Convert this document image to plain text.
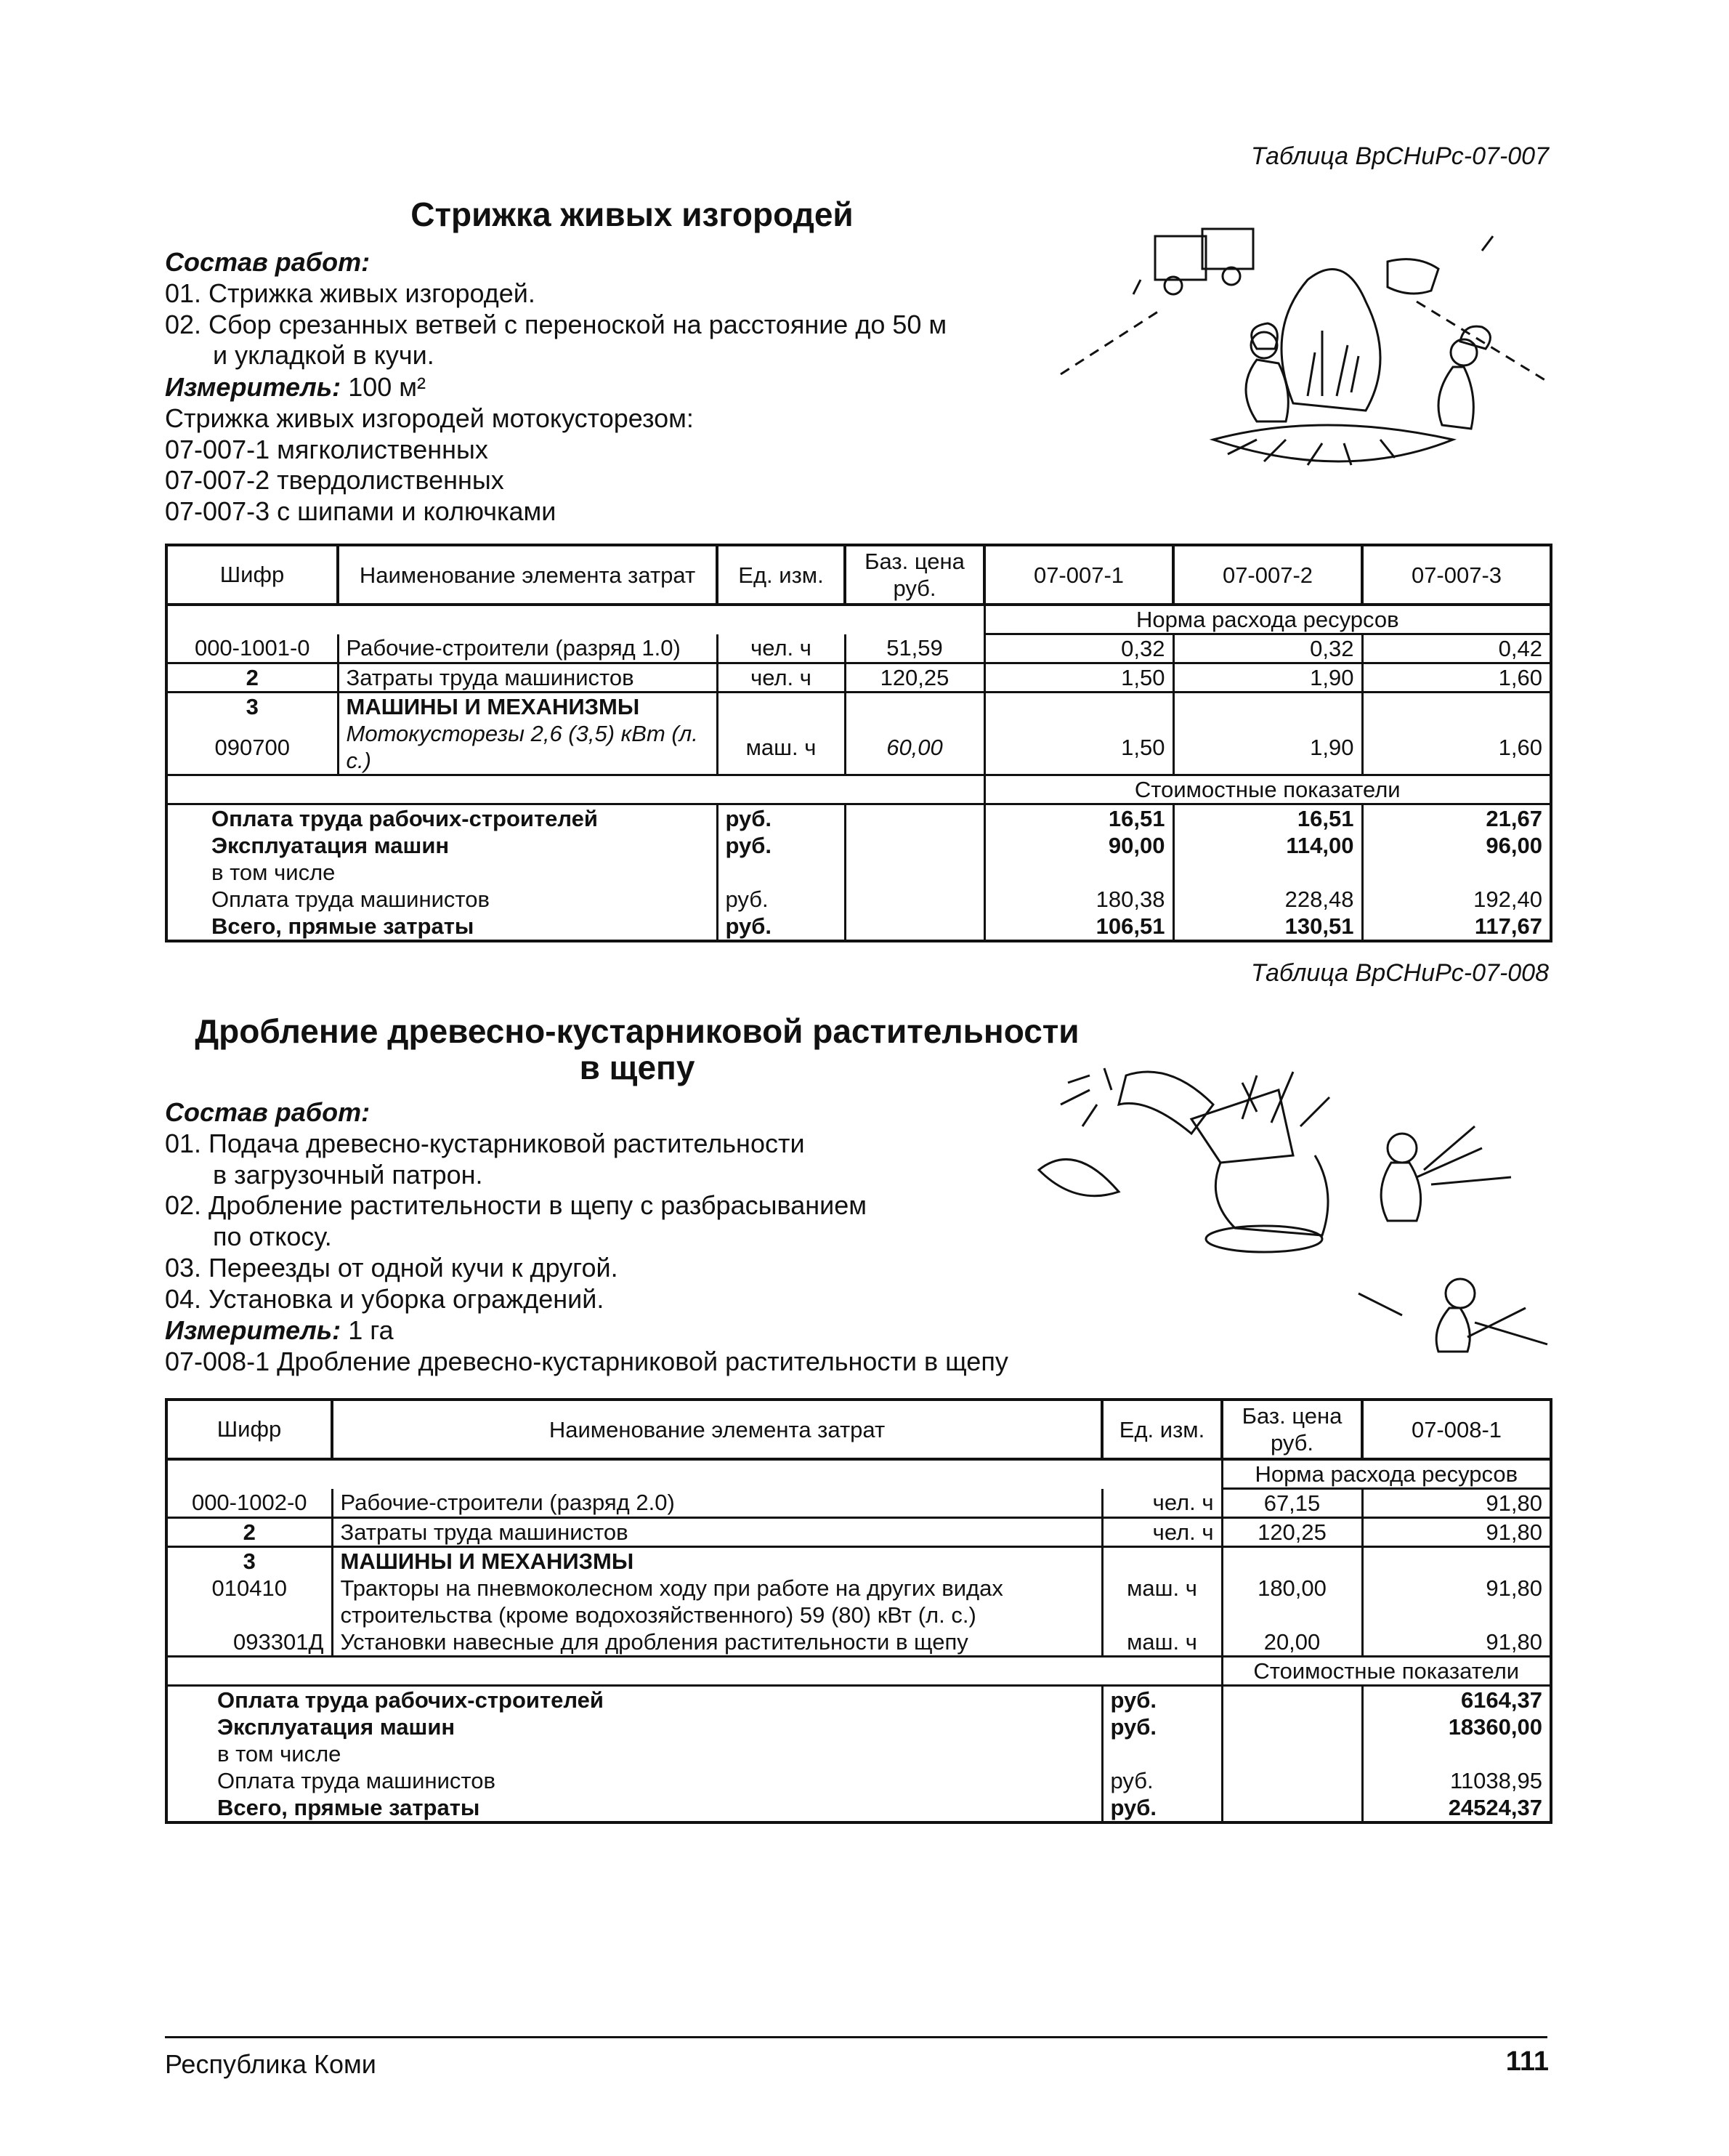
Таблица ВрСНиРс-07-007
Стрижка живых изгородей
Состав работ:
01. Стрижка живых изгородей.
02. Сбор срезанных ветвей с переноской на расстояние до 50 м
и укладкой в кучи.
Измеритель: 100 м²
Стрижка живых изгородей мотокусторезом:
07-007-1 мягколиственных
07-007-2 твердолиственных
07-007-3 с шипами и колючками
Шифр	Наименование элемента затрат	Ед. изм.	Баз. цена руб.	07-007-1	07-007-2	07-007-3
				Норма расхода ресурсов		
000-1001-0	Рабочие-строители (разряд 1.0)	чел. ч	51,59	0,32	0,32	0,42
2	Затраты труда машинистов	чел. ч	120,25	1,50	1,90	1,60
3	МАШИНЫ И МЕХАНИЗМЫ					
090700	Мотокусторезы 2,6 (3,5) кВт (л. с.)	маш. ч	60,00	1,50	1,90	1,60
				Стоимостные показатели		
Оплата труда рабочих-строителей		руб.		16,51	16,51	21,67
Эксплуатация машин		руб.		90,00	114,00	96,00
в том числе						
Оплата труда машинистов		руб.		180,38	228,48	192,40
Всего, прямые затраты		руб.		106,51	130,51	117,67
Таблица ВрСНиРс-07-008
Дробление древесно-кустарниковой растительности
в щепу
Состав работ:
01. Подача древесно-кустарниковой растительности
в загрузочный патрон.
02. Дробление растительности в щепу с разбрасыванием
по откосу.
03. Переезды от одной кучи к другой.
04. Установка и уборка ограждений.
Измеритель: 1 га
07-008-1 Дробление древесно-кустарниковой растительности в щепу
Шифр	Наименование элемента затрат	Ед. изм.	Баз. цена руб.	07-008-1
			Норма расхода ресурсов	
000-1002-0	Рабочие-строители (разряд 2.0)	чел. ч	67,15	91,80
2	Затраты труда машинистов	чел. ч	120,25	91,80
3	МАШИНЫ И МЕХАНИЗМЫ			
010410	Тракторы на пневмоколесном ходу при работе на других видах	маш. ч	180,00	91,80
	строительства (кроме водохозяйственного) 59 (80) кВт (л. с.)			
093301Д	Установки навесные для дробления растительности в щепу	маш. ч	20,00	91,80
			Стоимостные показатели	
Оплата труда рабочих-строителей		руб.		6164,37
Эксплуатация машин		руб.		18360,00
в том числе				
Оплата труда машинистов		руб.		11038,95
Всего, прямые затраты		руб.		24524,37
Республика Коми	111
